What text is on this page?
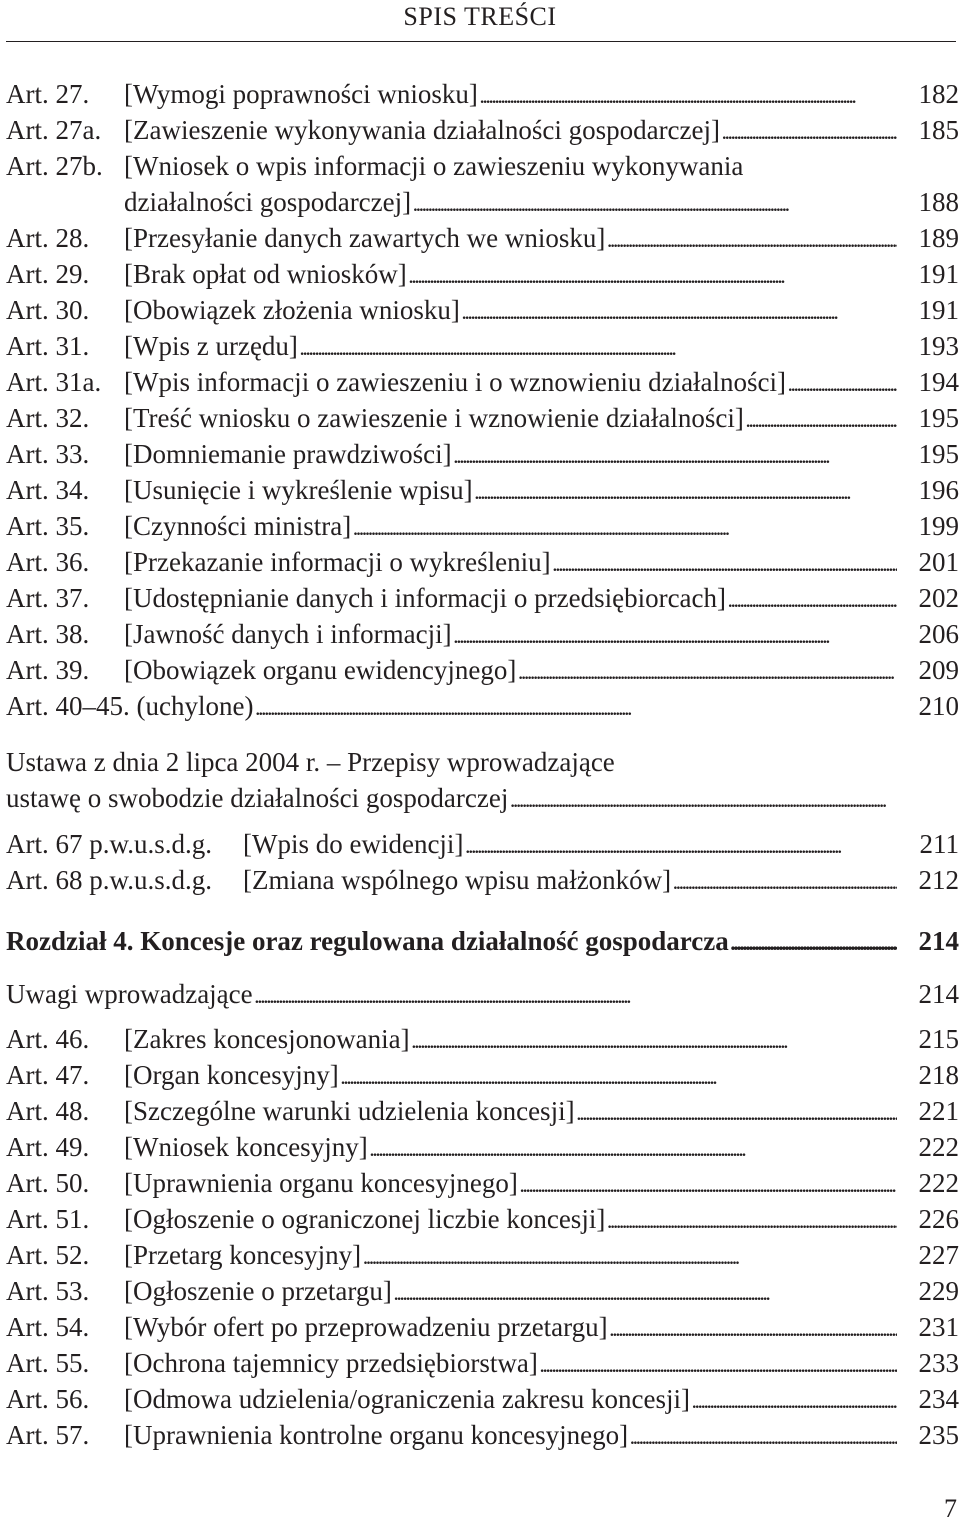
SPIS TREŚCI
Art. 27. [Wymogi poprawności wniosku] . . .	182
Art. 27a. [Zawieszenie wykonywania działalności gospodarczej] . . .	185
Art. 27b. [Wniosek o wpis informacji o zawieszeniu wykonywania
działalności gospodarczej] . . .	188
Art. 28. [Przesyłanie danych zawartych we wniosku] . . .	189
Art. 29. [Brak opłat od wniosków] . . .	191
Art. 30. [Obowiązek złożenia wniosku] . . .	191
Art. 31. [Wpis z urzędu] . . .	193
Art. 31a. [Wpis informacji o zawieszeniu i o wznowieniu działalności] . . .	194
Art. 32. [Treść wniosku o zawieszenie i wznowienie działalności] . . .	195
Art. 33. [Domniemanie prawdziwości] . . .	195
Art. 34. [Usunięcie i wykreślenie wpisu] . . .	196
Art. 35. [Czynności ministra] . . .	199
Art. 36. [Przekazanie informacji o wykreśleniu] . . .	201
Art. 37. [Udostępnianie danych i informacji o przedsiębiorcach] . . .	202
Art. 38. [Jawność danych i informacji] . . .	206
Art. 39. [Obowiązek organu ewidencyjnego] . . .	209
Art. 40–45. (uchylone) . . .	210
Ustawa z dnia 2 lipca 2004 r. – Przepisy wprowadzające
ustawę o swobodzie działalności gospodarczej . . .
Art. 67 p.w.u.s.d.g. [Wpis do ewidencji] . . .	211
Art. 68 p.w.u.s.d.g. [Zmiana wspólnego wpisu małżonków] . . .	212
Rozdział 4. Koncesje oraz regulowana działalność gospodarcza . . .	214
Uwagi wprowadzające . . .	214
Art. 46. [Zakres koncesjonowania] . . .	215
Art. 47. [Organ koncesyjny] . . .	218
Art. 48. [Szczególne warunki udzielenia koncesji] . . .	221
Art. 49. [Wniosek koncesyjny] . . .	222
Art. 50. [Uprawnienia organu koncesyjnego] . . .	222
Art. 51. [Ogłoszenie o ograniczonej liczbie koncesji] . . .	226
Art. 52. [Przetarg koncesyjny] . . .	227
Art. 53. [Ogłoszenie o przetargu] . . .	229
Art. 54. [Wybór ofert po przeprowadzeniu przetargu] . . .	231
Art. 55. [Ochrona tajemnicy przedsiębiorstwa] . . .	233
Art. 56. [Odmowa udzielenia/ograniczenia zakresu koncesji] . . .	234
Art. 57. [Uprawnienia kontrolne organu koncesyjnego] . . .	235
7
